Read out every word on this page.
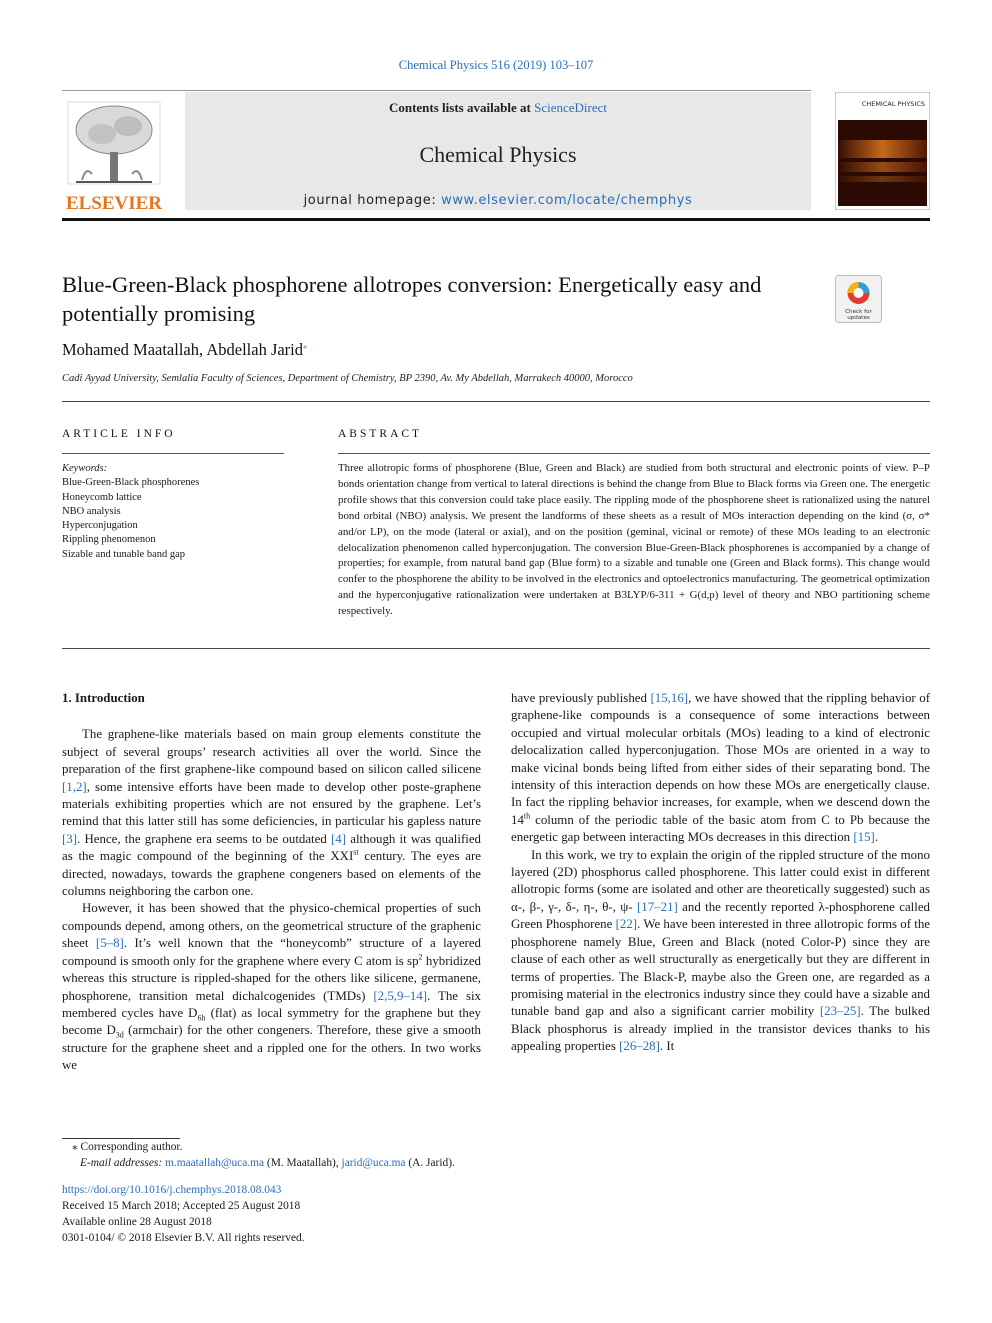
Chemical Physics 516 (2019) 103–107
ELSEVIER
Contents lists available at ScienceDirect
Chemical Physics
journal homepage: www.elsevier.com/locate/chemphys
CHEMICAL PHYSICS
Blue-Green-Black phosphorene allotropes conversion: Energetically easy and potentially promising	Check for
updates
Mohamed Maatallah, Abdellah Jarid⁎
Cadi Ayyad University, Semlalia Faculty of Sciences, Department of Chemistry, BP 2390, Av. My Abdellah, Marrakech 40000, Morocco
ARTICLE INFO	ABSTRACT
Keywords:
Blue-Green-Black phosphorenes
Honeycomb lattice
NBO analysis
Hyperconjugation
Rippling phenomenon
Sizable and tunable band gap
Three allotropic forms of phosphorene (Blue, Green and Black) are studied from both structural and electronic points of view. P–P bonds orientation change from vertical to lateral directions is behind the change from Blue to Black forms via Green one. The energetic profile shows that this conversion could take place easily. The rippling mode of the phosphorene sheet is rationalized using the naturel bond orbital (NBO) analysis. We present the landforms of these sheets as a result of MOs interaction depending on the kind (σ, σ* and/or LP), on the mode (lateral or axial), and on the position (geminal, vicinal or remote) of these MOs leading to an electronic delocalization phenomenon called hyperconjugation. The conversion Blue-Green-Black phosphorenes is accompanied by a change of properties; for example, from natural band gap (Blue form) to a sizable and tunable one (Green and Black forms). This change would confer to the phosphorene the ability to be involved in the electronics and optoelectronics manufacturing. The geometrical optimization and the hyperconjugative rationalization were undertaken at B3LYP/6-311 + G(d,p) level of theory and NBO partitioning scheme respectively.

1. Introduction

The graphene-like materials based on main group elements constitute the subject of several groups’ research activities all over the world. Since the preparation of the first graphene-like compound based on silicon called silicene [1,2], some intensive efforts have been made to develop other poste-graphene materials exhibiting properties which are not ensured by the graphene. Let’s remind that this latter still has some deficiencies, in particular his gapless nature [3]. Hence, the graphene era seems to be outdated [4] although it was qualified as the magic compound of the beginning of the XXIst century. The eyes are directed, nowadays, towards the graphene congeners based on elements of the columns neighboring the carbon one.

However, it has been showed that the physico-chemical properties of such compounds depend, among others, on the geometrical structure of the graphenic sheet [5–8]. It’s well known that the “honeycomb” structure of a layered compound is smooth only for the graphene where every C atom is $sp^2$ hybridized whereas this structure is rippled-shaped for the others like silicene, germanene, phosphorene, transition metal dichalcogenides (TMDs) [2,5,9–14]. The six membered cycles have $D_{6h}$ (flat) as local symmetry for the graphene but they become $D_{3d}$ (armchair) for the other congeners. Therefore, these give a smooth structure for the graphene sheet and a rippled one for the others. In two works we

have previously published [15,16], we have showed that the rippling behavior of graphene-like compounds is a consequence of some interactions between occupied and virtual molecular orbitals (MOs) leading to a kind of electronic delocalization called hyperconjugation. Those MOs are oriented in a way to make vicinal bonds being lifted from either sides of their separating bond. The intensity of this interaction depends on how these MOs are energetically clause. In fact the rippling behavior increases, for example, when we descend down the 14th column of the periodic table of the basic atom from C to Pb because the energetic gap between interacting MOs decreases in this direction [15].

In this work, we try to explain the origin of the rippled structure of the mono layered (2D) phosphorus called phosphorene. This latter could exist in different allotropic forms (some are isolated and other are theoretically suggested) such as α-, β-, γ-, δ-, η-, θ-, ψ- [17–21] and the recently reported λ-phosphorene called Green Phosphorene [22]. We have been interested in three allotropic forms of the phosphorene namely Blue, Green and Black (noted Color-P) since they are clause of each other as well structurally as energetically but they are different in terms of properties. The Black-P, maybe also the Green one, are regarded as a promising material in the electronics industry since they could have a sizable and tunable band gap and also a significant carrier mobility [23–25]. The bulked Black phosphorus is already implied in the transistor devices thanks to his appealing properties [26–28]. It

⁎ Corresponding author.
E-mail addresses: m.maatallah@uca.ma (M. Maatallah), jarid@uca.ma (A. Jarid).
https://doi.org/10.1016/j.chemphys.2018.08.043
Received 15 March 2018; Accepted 25 August 2018
Available online 28 August 2018
0301-0104/ © 2018 Elsevier B.V. All rights reserved.
